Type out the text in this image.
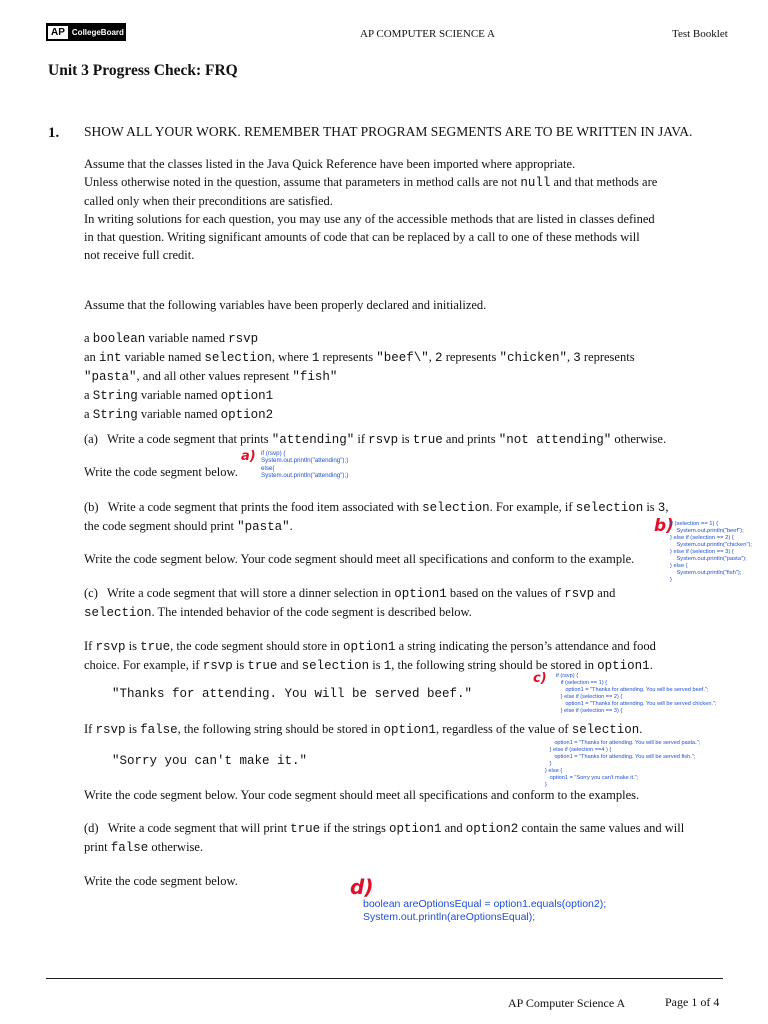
AP CollegeBoard	AP COMPUTER SCIENCE A	Test Booklet
Unit 3 Progress Check: FRQ
1. SHOW ALL YOUR WORK. REMEMBER THAT PROGRAM SEGMENTS ARE TO BE WRITTEN IN JAVA.

Assume that the classes listed in the Java Quick Reference have been imported where appropriate.

Unless otherwise noted in the question, assume that parameters in method calls are not null and that methods are

called only when their preconditions are satisfied.

In writing solutions for each question, you may use any of the accessible methods that are listed in classes defined

in that question. Writing significant amounts of code that can be replaced by a call to one of these methods will

not receive full credit.

Assume that the following variables have been properly declared and initialized.

a boolean variable named rsvp

an int variable named selection, where 1 represents "beef\", 2 represents "chicken", 3 represents

"pasta", and all other values represent "fish"

a String variable named option1

a String variable named option2

(a) Write a code segment that prints "attending" if rsvp is true and prints "not attending" otherwise.
Write the code segment below.
a) if (rsvp) {
System.out.println("attending");)
else{
System.out.println("attending");)

(b) Write a code segment that prints the food item associated with selection. For example, if selection is 3,

the code segment should print "pasta".

Write the code segment below. Your code segment should meet all specifications and conform to the example.
b)
if (selection == 1) {
System.out.println("beef");
} else if (selection == 2) {
System.out.println("chicken");
} else if (selection == 3) {
System.out.println("pasta");
} else {
System.out.println("fish");
}

(c) Write a code segment that will store a dinner selection in option1 based on the values of rsvp and

selection. The intended behavior of the code segment is described below.

If rsvp is true, the code segment should store in option1 a string indicating the person’s attendance and food

choice. For example, if rsvp is true and selection is 1, the following string should be stored in option1.

"Thanks for attending. You will be served beef."
If rsvp is false, the following string should be stored in option1, regardless of the value of selection.
"Sorry you can't make it."
Write the code segment below. Your code segment should meet all specifications and conform to the examples.
c) if (rsvp) {
if (selection == 1) {
option1 = "Thanks for attending. You will be served beef.";
} else if (selection == 2) {
option1 = "Thanks for attending. You will be served chicken.";
} else if (selection == 3) {
option1 = "Thanks for attending. You will be served pasta.";
} else if (selection ==4 ) {
option1 = "Thanks for attending. You will be served fish.";
}
} else {
option1 = "Sorry you can't make it.";
}

(d) Write a code segment that will print true if the strings option1 and option2 contain the same values and will

print false otherwise.

Write the code segment below.	d)
boolean areOptionsEqual = option1.equals(option2);
System.out.println(areOptionsEqual);
AP Computer Science A	Page 1 of 4
